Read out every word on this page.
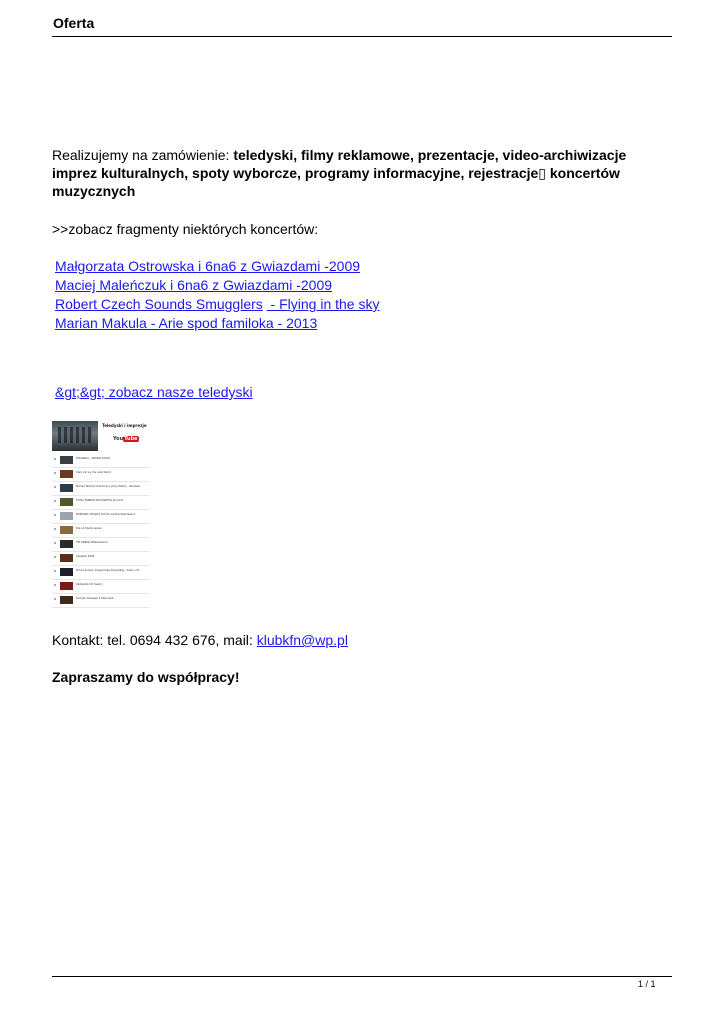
Oferta
Realizujemy na zamówienie: teledyski, filmy reklamowe, prezentacje, video-archiwizacje imprez kulturalnych, spoty wyborcze, programy informacyjne, rejestracje▯ koncertów muzycznych
>>zobacz fragmenty niektórych koncertów:
Małgorzata Ostrowska i 6na6 z Gwiazdami -2009
Maciej Maleńczuk i 6na6 z Gwiazdami -2009
Robert Czech Sounds Smugglers  - Flying in the sky
Marian Makula - Arie spod familoka - 2013
&gt;&gt; zobacz nasze teledyski
Teledyski i imprezje
YouTube
TATARSKA - APORIA 07/08
Vieni kiri ey rhe reke World
Marian Wierzb Ochrzczyny Jóiny Wierzl - teledysk
TOTAL NIMBUS BUS PARTKA Koncert
BOROWIK TWOJCH LIO Koncertow Wierzewicz
Dla ok Studio jezow
TIE LIBRDA Misterkowicz
Czestyki 2009
Prince Kcision Dragonhaky travedlley - Dubu coll
Valhalista CD Swerry
Sumper teledysk 4 Moscresti
Kontakt: tel. 0694 432 676, mail: klubkfn@wp.pl
Zapraszamy do współpracy!
1 / 1
